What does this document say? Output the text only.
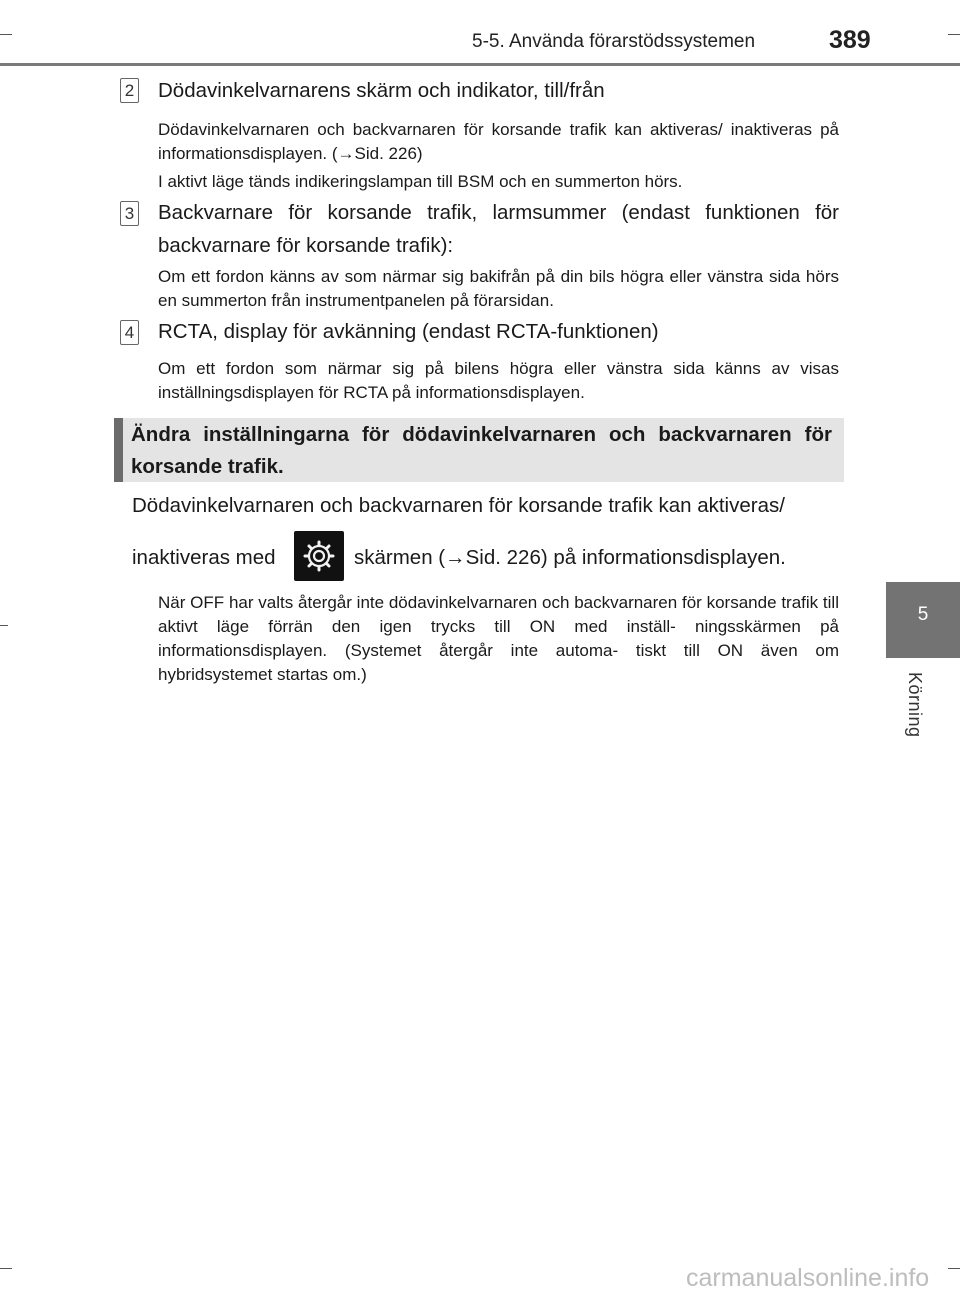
5-5. Använda förarstödssystemen	389
5
Körning
2 Dödavinkelvarnarens skärm och indikator, till/från
Dödavinkelvarnaren och backvarnaren för korsande trafik kan aktiveras/ inaktiveras på informationsdisplayen. (→Sid. 226)
I aktivt läge tänds indikeringslampan till BSM och en summerton hörs.
3 Backvarnare för korsande trafik, larmsummer (endast funktionen för backvarnare för korsande trafik):
Om ett fordon känns av som närmar sig bakifrån på din bils högra eller vänstra sida hörs en summerton från instrumentpanelen på förarsidan.
4 RCTA, display för avkänning (endast RCTA-funktionen)
Om ett fordon som närmar sig på bilens högra eller vänstra sida känns av visas inställningsdisplayen för RCTA på informationsdisplayen.
Ändra inställningarna för dödavinkelvarnaren och backvarnaren för korsande trafik.
Dödavinkelvarnaren och backvarnaren för korsande trafik kan aktiveras/
inaktiveras med	skärmen (→Sid. 226) på informationsdisplayen.
När OFF har valts återgår inte dödavinkelvarnaren och backvarnaren för korsande trafik till aktivt läge förrän den igen trycks till ON med inställ- ningsskärmen på informationsdisplayen. (Systemet återgår inte automa- tiskt till ON även om hybridsystemet startas om.)
carmanualsonline.info
